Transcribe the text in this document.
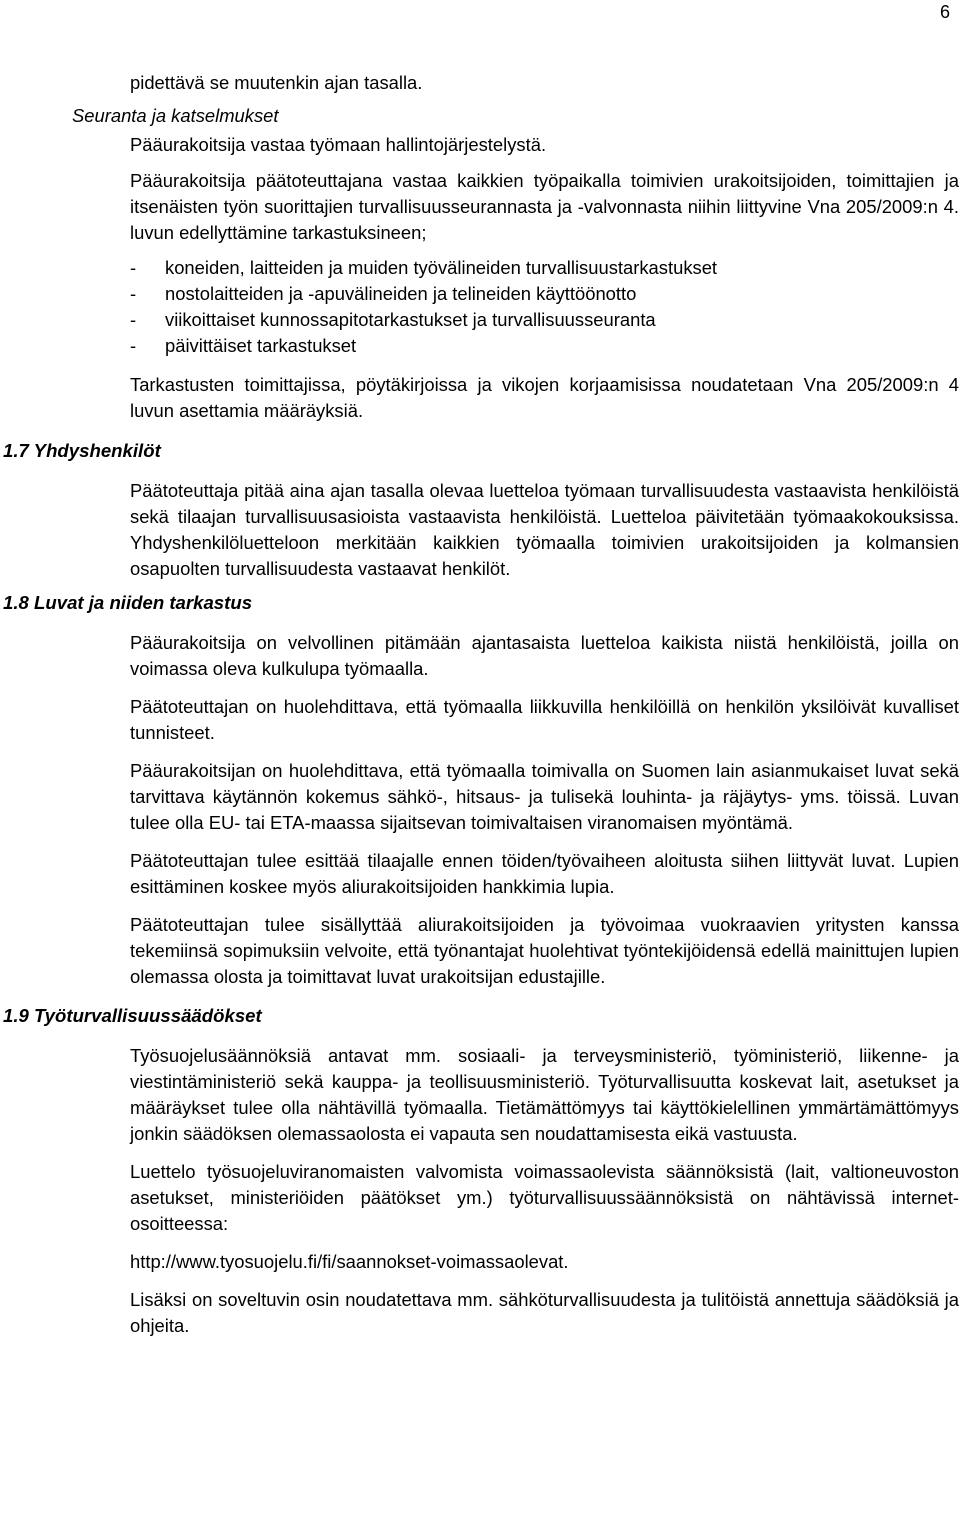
6

pidettävä se muutenkin ajan tasalla.

Seuranta ja katselmukset

Pääurakoitsija vastaa työmaan hallintojärjestelystä.

Pääurakoitsija päätoteuttajana vastaa kaikkien työpaikalla toimivien urakoitsijoiden, toimittajien ja itsenäisten työn suorittajien turvallisuusseurannasta ja -valvonnasta niihin liittyvine Vna 205/2009:n 4. luvun edellyttämine tarkastuksineen;

- koneiden, laitteiden ja muiden työvälineiden turvallisuustarkastukset
- nostolaitteiden ja -apuvälineiden ja telineiden käyttöönotto
- viikoittaiset kunnossapitotarkastukset ja turvallisuusseuranta
- päivittäiset tarkastukset

Tarkastusten toimittajissa, pöytäkirjoissa ja vikojen korjaamisissa noudatetaan Vna 205/2009:n 4 luvun asettamia määräyksiä.

1.7 Yhdyshenkilöt

Päätoteuttaja pitää aina ajan tasalla olevaa luetteloa työmaan turvallisuudesta vastaavista henkilöistä sekä tilaajan turvallisuusasioista vastaavista henkilöistä. Luetteloa päivitetään työmaakokouksissa. Yhdyshenkilöluetteloon merkitään kaikkien työmaalla toimivien urakoitsijoiden ja kolmansien osapuolten turvallisuudesta vastaavat henkilöt.

1.8 Luvat ja niiden tarkastus

Pääurakoitsija on velvollinen pitämään ajantasaista luetteloa kaikista niistä henkilöistä, joilla on voimassa oleva kulkulupa työmaalla.

Päätoteuttajan on huolehdittava, että työmaalla liikkuvilla henkilöillä on henkilön yksilöivät kuvalliset tunnisteet.

Pääurakoitsijan on huolehdittava, että työmaalla toimivalla on Suomen lain asianmukaiset luvat sekä tarvittava käytännön kokemus sähkö-, hitsaus- ja tulisekä louhinta- ja räjäytys- yms. töissä. Luvan tulee olla EU- tai ETA-maassa sijaitsevan toimivaltaisen viranomaisen myöntämä.

Päätoteuttajan tulee esittää tilaajalle ennen töiden/työvaiheen aloitusta siihen liittyvät luvat. Lupien esittäminen koskee myös aliurakoitsijoiden hankkimia lupia.

Päätoteuttajan tulee sisällyttää aliurakoitsijoiden ja työvoimaa vuokraavien yritysten kanssa tekemiinsä sopimuksiin velvoite, että työnantajat huolehtivat työntekijöidensä edellä mainittujen lupien olemassa olosta ja toimittavat luvat urakoitsijan edustajille.

1.9 Työturvallisuussäädökset

Työsuojelusäännöksiä antavat mm. sosiaali- ja terveysministeriö, työministeriö, liikenne- ja viestintäministeriö sekä kauppa- ja teollisuusministeriö. Työturvallisuutta koskevat lait, asetukset ja määräykset tulee olla nähtävillä työmaalla. Tietämättömyys tai käyttökielellinen ymmärtämättömyys jonkin säädöksen olemassaolosta ei vapauta sen noudattamisesta eikä vastuusta.

Luettelo työsuojeluviranomaisten valvomista voimassaolevista säännöksistä (lait, valtioneuvoston asetukset, ministeriöiden päätökset ym.) työturvallisuussäännöksistä on nähtävissä internet-osoitteessa:

http://www.tyosuojelu.fi/fi/saannokset-voimassaolevat.

Lisäksi on soveltuvin osin noudatettava mm. sähköturvallisuudesta ja tulitöistä annettuja säädöksiä ja ohjeita.
